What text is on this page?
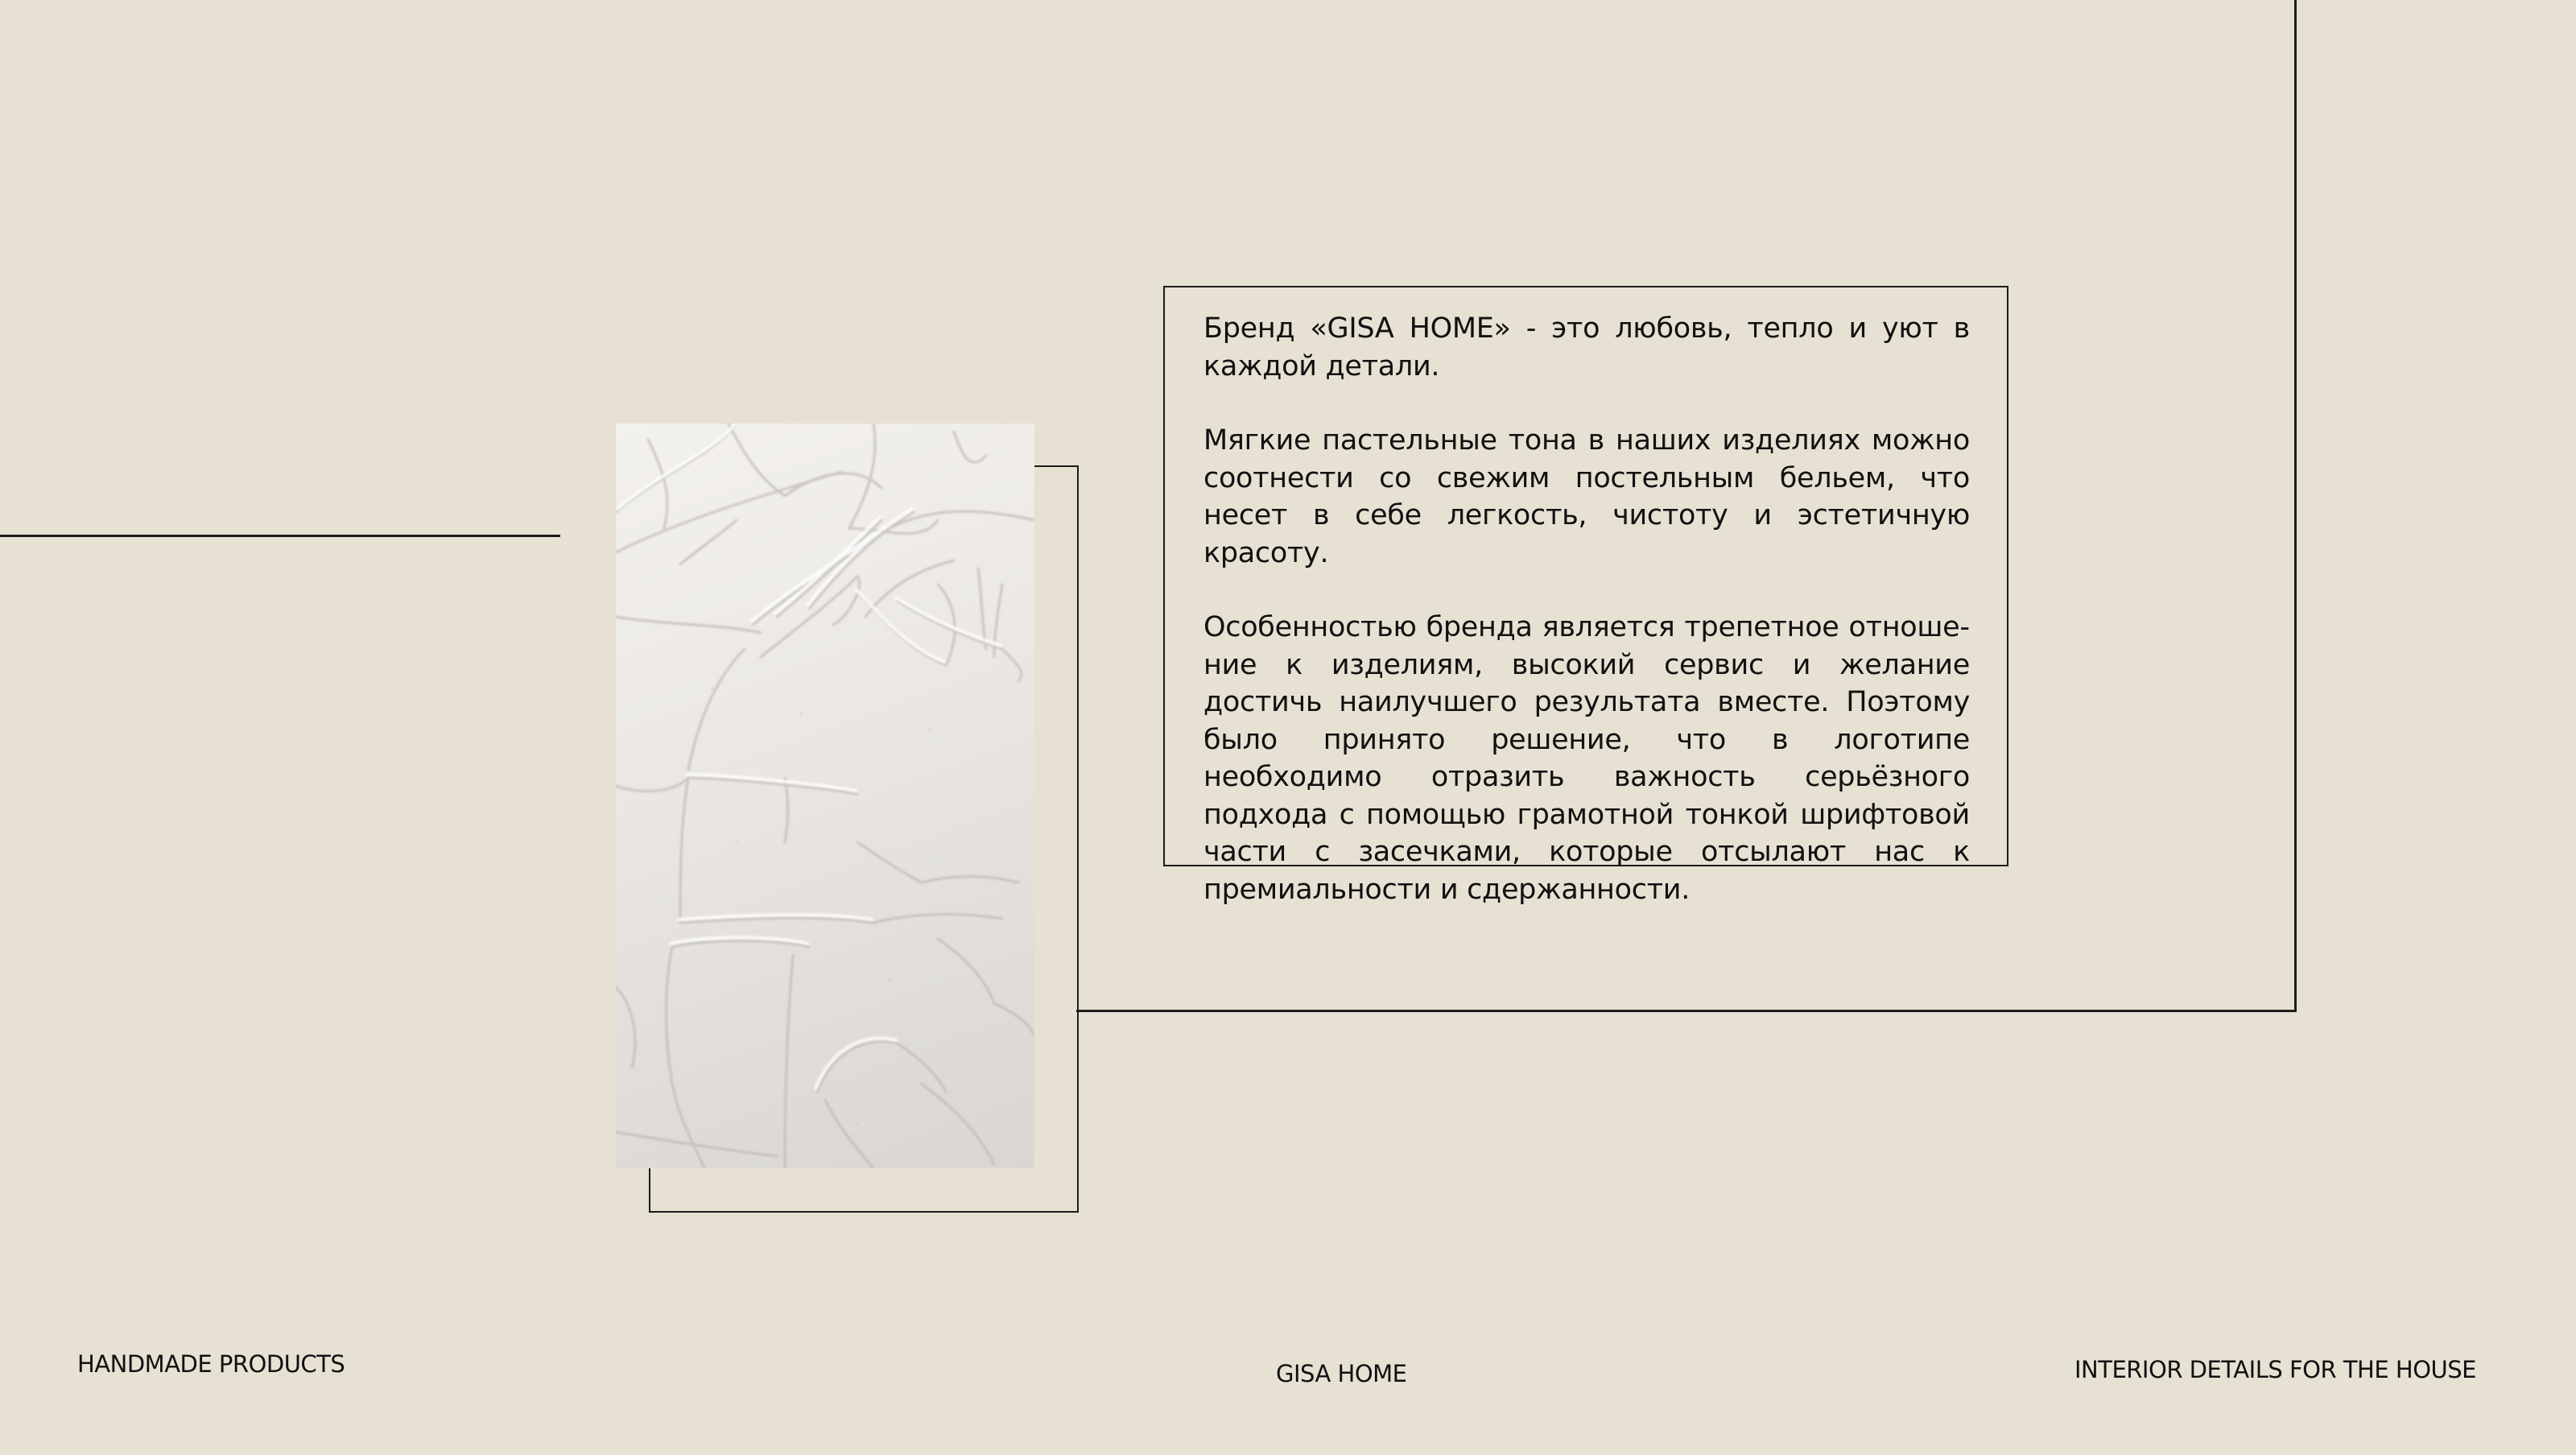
Бренд «GISA HOME» - это любовь, тепло и уют в каждой детали.

Мягкие пастельные тона в наших изделиях можно соотнести со свежим постельным бельем, что несет в себе легкость, чистоту и эстетичную красоту.

Особенностью бренда является трепетное отношение к изделиям, высокий сервис и желание достичь наилучшего результата вместе. Поэтому было принято решение, что в логотипе необходимо отразить важность серьёзного подхода с помощью грамотной тонкой шрифтовой части с засечками, которые отсылают нас к премиальности и сдержанности.

HANDMADE PRODUCTS	GISA HOME	INTERIOR DETAILS FOR THE HOUSE
